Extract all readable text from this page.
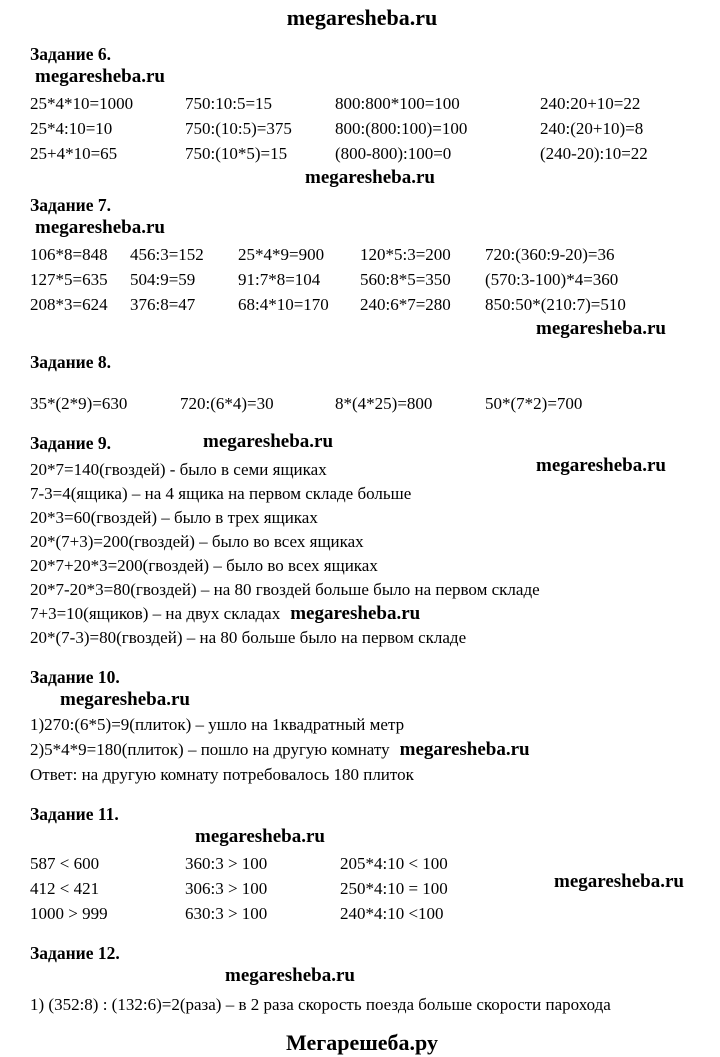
megaresheba.ru
Задание 6.
megaresheba.ru
25*4*10=1000	750:10:5=15	800:800*100=100	240:20+10=22
25*4:10=10	750:(10:5)=375	800:(800:100)=100	240:(20+10)=8
25+4*10=65	750:(10*5)=15	(800-800):100=0	(240-20):10=22
megaresheba.ru
Задание 7.
megaresheba.ru
106*8=848	456:3=152	25*4*9=900	120*5:3=200	720:(360:9-20)=36
127*5=635	504:9=59	91:7*8=104	560:8*5=350	(570:3-100)*4=360
208*3=624	376:8=47	68:4*10=170	240:6*7=280	850:50*(210:7)=510
megaresheba.ru
Задание 8.
35*(2*9)=630	720:(6*4)=30	8*(4*25)=800	50*(7*2)=700
Задание 9.	megaresheba.ru
megaresheba.ru
20*7=140(гвоздей) - было в семи ящиках
7-3=4(ящика) – на 4 ящика на первом складе больше
20*3=60(гвоздей) – было в трех ящиках
20*(7+3)=200(гвоздей) – было во всех ящиках
20*7+20*3=200(гвоздей) – было во всех ящиках
20*7-20*3=80(гвоздей) – на 80 гвоздей больше было на первом складе
7+3=10(ящиков) – на двух складах megaresheba.ru
20*(7-3)=80(гвоздей) – на 80 больше было на первом складе
Задание 10.
megaresheba.ru
1)270:(6*5)=9(плиток) – ушло на 1квадратный метр
2)5*4*9=180(плиток) – пошло на другую комнату megaresheba.ru
Ответ: на другую комнату потребовалось 180 плиток
Задание 11.
megaresheba.ru
megaresheba.ru
587 < 600	360:3 > 100	205*4:10 < 100
412 < 421	306:3 > 100	250*4:10 = 100
1000 > 999	630:3 > 100	240*4:10 <100
Задание 12.
megaresheba.ru
1) (352:8) : (132:6)=2(раза) – в 2 раза скорость поезда больше скорости парохода
Мегарешеба.ру
